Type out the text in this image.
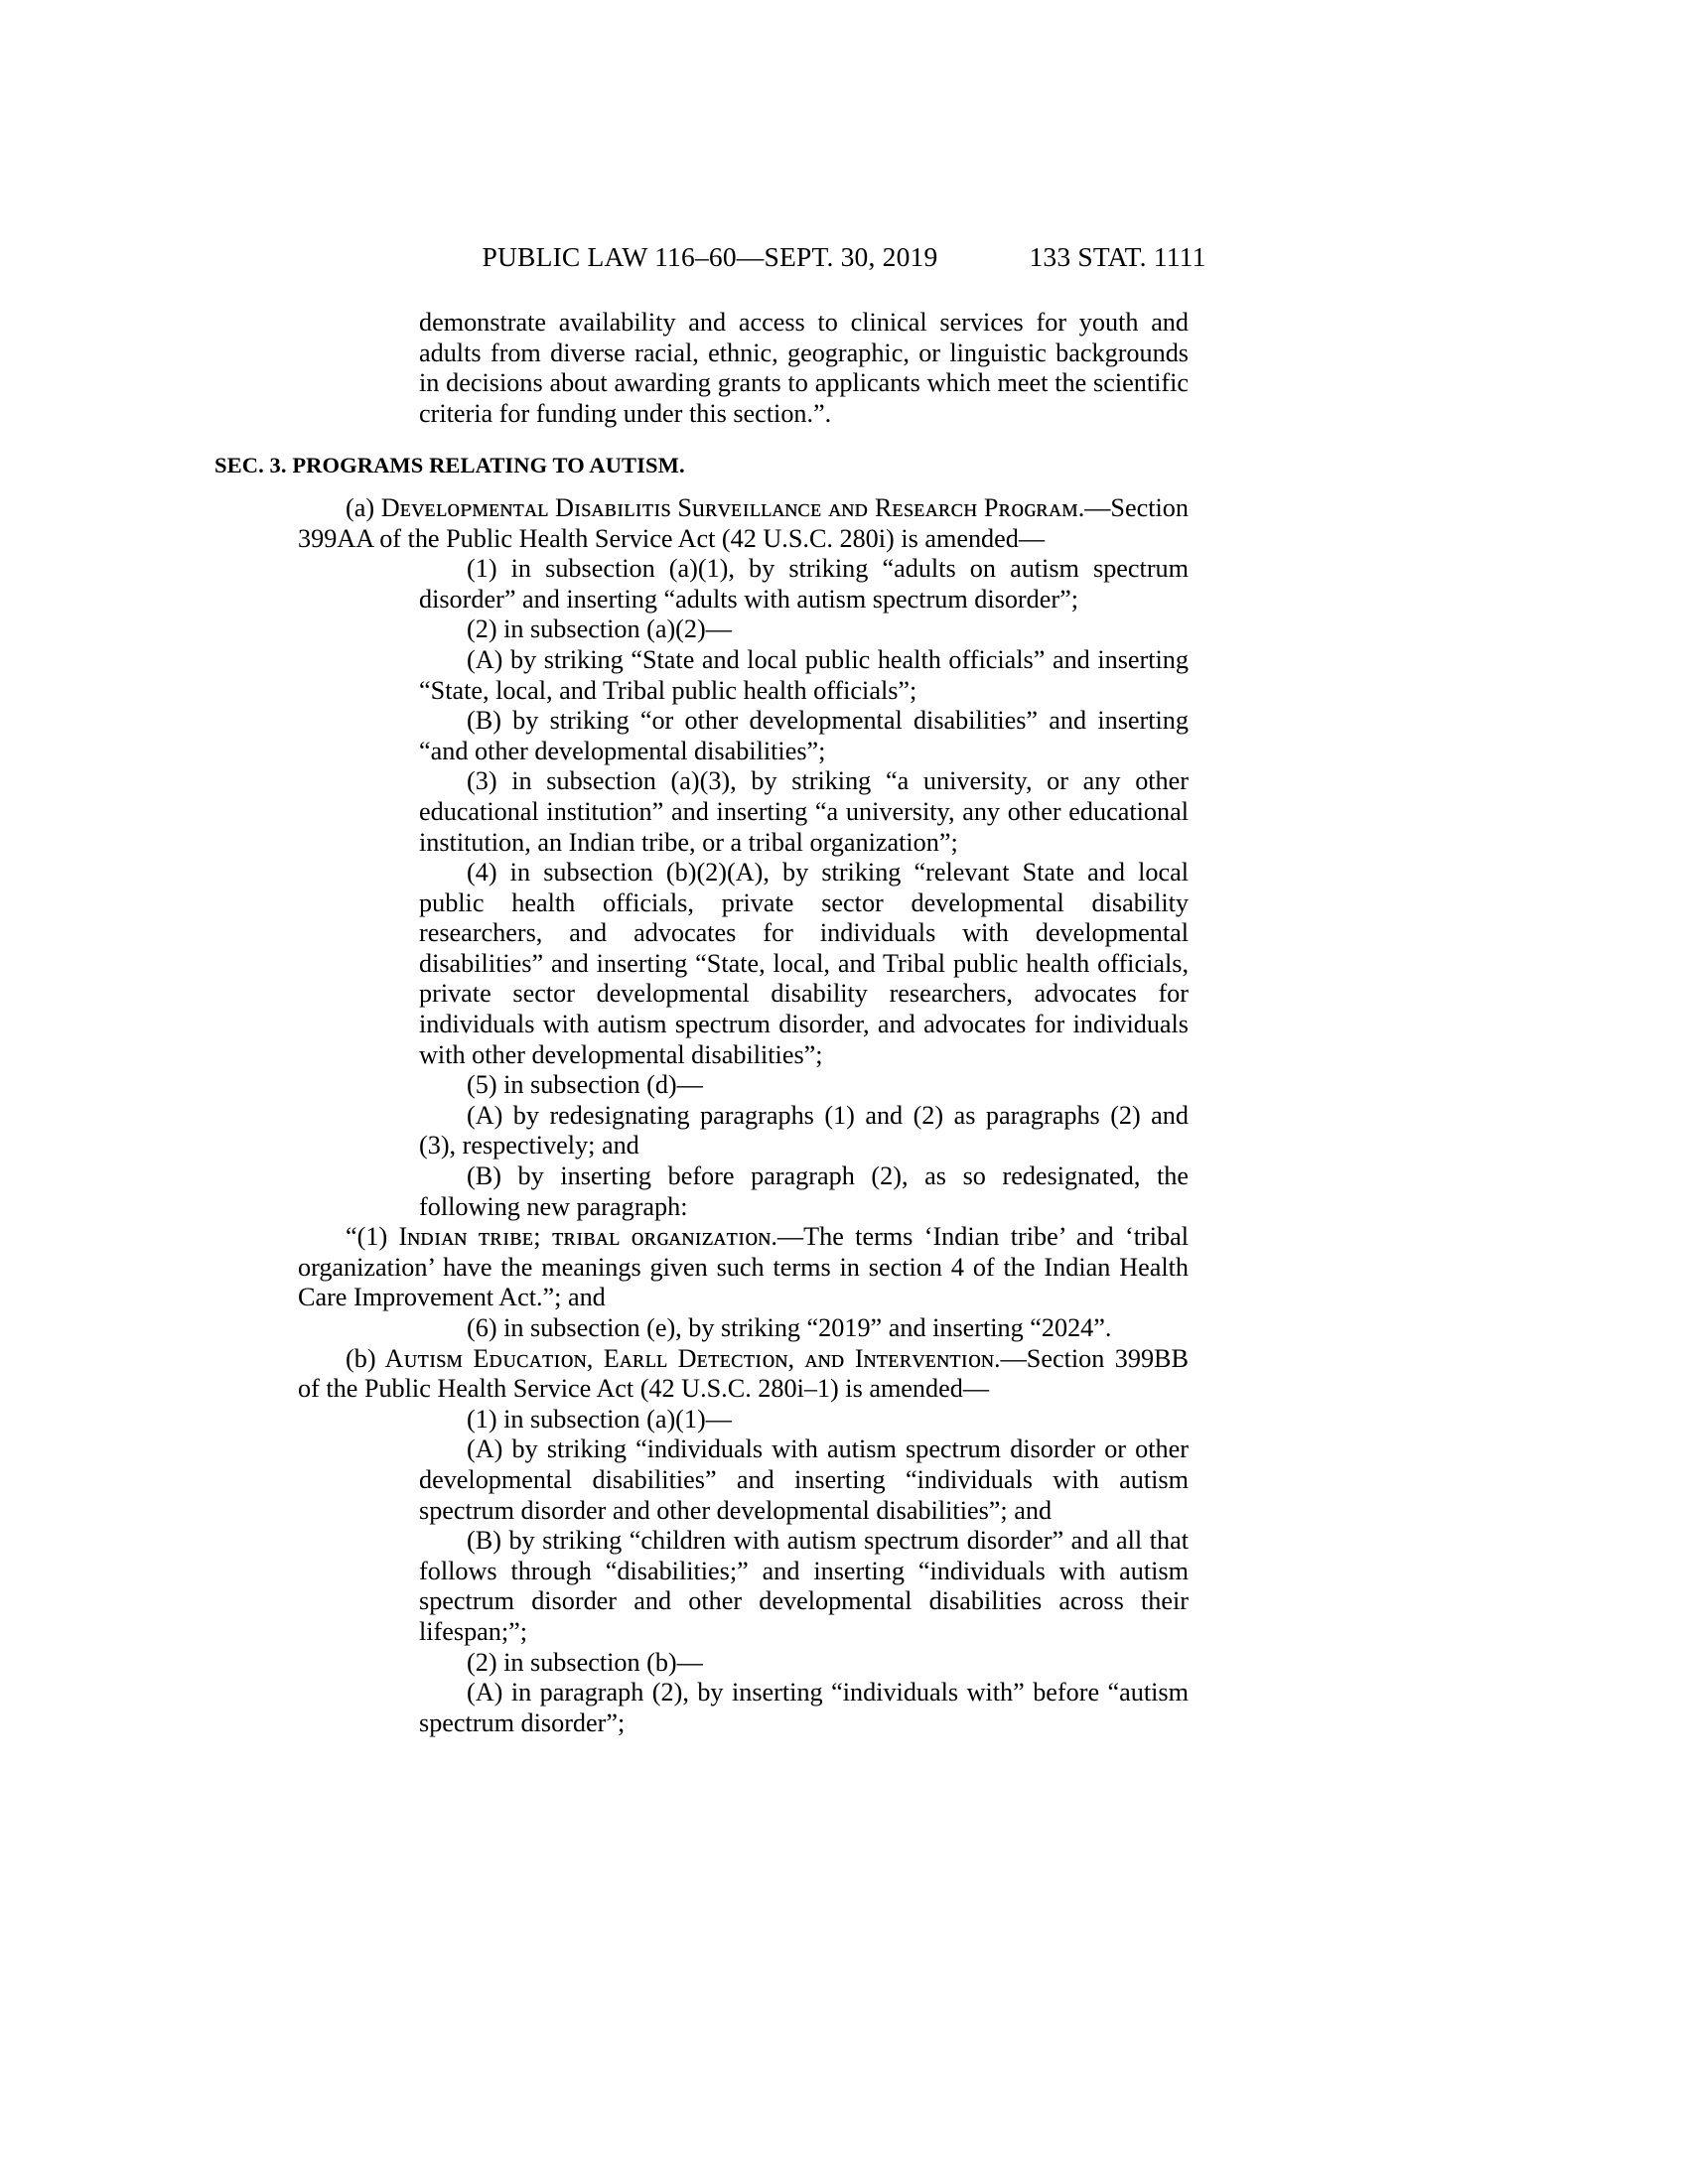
PUBLIC LAW 116–60—SEPT. 30, 2019	133 STAT. 1111

demonstrate availability and access to clinical services for youth and adults from diverse racial, ethnic, geographic, or linguistic backgrounds in decisions about awarding grants to applicants which meet the scientific criteria for funding under this section.”.

SEC. 3. PROGRAMS RELATING TO AUTISM.

(a) Dᴇᴠᴇʟᴏᴘᴍᴇɴᴛᴀʟ Dɪsᴀʙɪʟɪᴛɪs Suʀᴠᴇɪʟʟᴀɴᴄᴇ ᴀɴᴅ Rᴇsᴇᴀʀᴄʜ Pʀᴏɢʀᴀᴍ.—Section 399AA of the Public Health Service Act (42 U.S.C. 280i) is amended—

(1) in subsection (a)(1), by striking “adults on autism spectrum disorder” and inserting “adults with autism spectrum disorder”;

(2) in subsection (a)(2)—

(A) by striking “State and local public health officials” and inserting “State, local, and Tribal public health officials”;

(B) by striking “or other developmental disabilities” and inserting “and other developmental disabilities”;

(3) in subsection (a)(3), by striking “a university, or any other educational institution” and inserting “a university, any other educational institution, an Indian tribe, or a tribal organization”;

(4) in subsection (b)(2)(A), by striking “relevant State and local public health officials, private sector developmental disability researchers, and advocates for individuals with developmental disabilities” and inserting “State, local, and Tribal public health officials, private sector developmental disability researchers, advocates for individuals with autism spectrum disorder, and advocates for individuals with other developmental disabilities”;

(5) in subsection (d)—

(A) by redesignating paragraphs (1) and (2) as paragraphs (2) and (3), respectively; and

(B) by inserting before paragraph (2), as so redesignated, the following new paragraph:

“(1) Iɴᴅɪᴀɴ ᴛʀɪʙᴇ; ᴛʀɪʙᴀʟ ᴏʀɢᴀɴɪzᴀᴛɪᴏɴ.—The terms ‘Indian tribe’ and ‘tribal organization’ have the meanings given such terms in section 4 of the Indian Health Care Improvement Act.”; and

(6) in subsection (e), by striking “2019” and inserting “2024”.

(b) Aᴜᴛɪsᴍ Eᴅᴜᴄᴀᴛɪᴏɴ, Eᴀʀʟʟ Dᴇᴛᴇᴄᴛɪᴏɴ, ᴀɴᴅ Iɴᴛᴇʀᴠᴇɴᴛɪᴏɴ.—Section 399BB of the Public Health Service Act (42 U.S.C. 280i–1) is amended—

(1) in subsection (a)(1)—

(A) by striking “individuals with autism spectrum disorder or other developmental disabilities” and inserting “individuals with autism spectrum disorder and other developmental disabilities”; and

(B) by striking “children with autism spectrum disorder” and all that follows through “disabilities;” and inserting “individuals with autism spectrum disorder and other developmental disabilities across their lifespan;”;

(2) in subsection (b)—

(A) in paragraph (2), by inserting “individuals with” before “autism spectrum disorder”;
